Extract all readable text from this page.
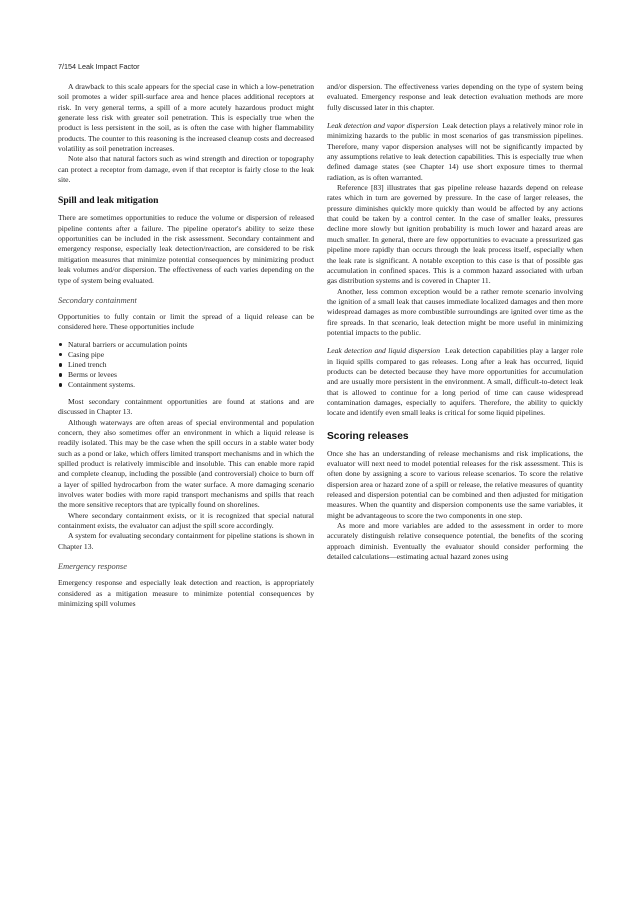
7/154 Leak Impact Factor

A drawback to this scale appears for the special case in which a low-penetration soil promotes a wider spill-surface area and hence places additional receptors at risk. In very general terms, a spill of a more acutely hazardous product might generate less risk with greater soil penetration. This is especially true when the product is less persistent in the soil, as is often the case with higher flammability products. The counter to this reasoning is the increased cleanup costs and decreased volatility as soil penetration increases.

Note also that natural factors such as wind strength and direction or topography can protect a receptor from damage, even if that receptor is fairly close to the leak site.

Spill and leak mitigation

There are sometimes opportunities to reduce the volume or dispersion of released pipeline contents after a failure. The pipeline operator's ability to seize these opportunities can be included in the risk assessment. Secondary containment and emergency response, especially leak detection/reaction, are considered to be risk mitigation measures that minimize potential consequences by minimizing product leak volumes and/or dispersion. The effectiveness of each varies depending on the type of system being evaluated.

Secondary containment

Opportunities to fully contain or limit the spread of a liquid release can be considered here. These opportunities include

Natural barriers or accumulation points
Casing pipe
Lined trench
Berms or levees
Containment systems.

Most secondary containment opportunities are found at stations and are discussed in Chapter 13.

Although waterways are often areas of special environmental and population concern, they also sometimes offer an environment in which a liquid release is readily isolated. This may be the case when the spill occurs in a stable water body such as a pond or lake, which offers limited transport mechanisms and in which the spilled product is relatively immiscible and insoluble. This can enable more rapid and complete cleanup, including the possible (and controversial) choice to burn off a layer of spilled hydrocarbon from the water surface. A more damaging scenario involves water bodies with more rapid transport mechanisms and spills that reach the more sensitive receptors that are typically found on shorelines.

Where secondary containment exists, or it is recognized that special natural containment exists, the evaluator can adjust the spill score accordingly.

A system for evaluating secondary containment for pipeline stations is shown in Chapter 13.

Emergency response

Emergency response and especially leak detection and reaction, is appropriately considered as a mitigation measure to minimize potential consequences by minimizing spill volumes

and/or dispersion. The effectiveness varies depending on the type of system being evaluated. Emergency response and leak detection evaluation methods are more fully discussed later in this chapter.

Leak detection and vapor dispersion Leak detection plays a relatively minor role in minimizing hazards to the public in most scenarios of gas transmission pipelines. Therefore, many vapor dispersion analyses will not be significantly impacted by any assumptions relative to leak detection capabilities. This is especially true when defined damage states (see Chapter 14) use short exposure times to thermal radiation, as is often warranted.

Reference [83] illustrates that gas pipeline release hazards depend on release rates which in turn are governed by pressure. In the case of larger releases, the pressure diminishes quickly more quickly than would be affected by any actions that could be taken by a control center. In the case of smaller leaks, pressures decline more slowly but ignition probability is much lower and hazard areas are much smaller. In general, there are few opportunities to evacuate a pressurized gas pipeline more rapidly than occurs through the leak process itself, especially when the leak rate is significant. A notable exception to this case is that of possible gas accumulation in confined spaces. This is a common hazard associated with urban gas distribution systems and is covered in Chapter 11.

Another, less common exception would be a rather remote scenario involving the ignition of a small leak that causes immediate localized damages and then more widespread damages as more combustible surroundings are ignited over time as the fire spreads. In that scenario, leak detection might be more useful in minimizing potential impacts to the public.

Leak detection and liquid dispersion Leak detection capabilities play a larger role in liquid spills compared to gas releases. Long after a leak has occurred, liquid products can be detected because they have more opportunities for accumulation and are usually more persistent in the environment. A small, difficult-to-detect leak that is allowed to continue for a long period of time can cause widespread contamination damages, especially to aquifers. Therefore, the ability to quickly locate and identify even small leaks is critical for some liquid pipelines.

Scoring releases

Once she has an understanding of release mechanisms and risk implications, the evaluator will next need to model potential releases for the risk assessment. This is often done by assigning a score to various release scenarios. To score the relative dispersion area or hazard zone of a spill or release, the relative measures of quantity released and dispersion potential can be combined and then adjusted for mitigation measures. When the quantity and dispersion components use the same variables, it might be advantageous to score the two components in one step.

As more and more variables are added to the assessment in order to more accurately distinguish relative consequence potential, the benefits of the scoring approach diminish. Eventually the evaluator should consider performing the detailed calculations—estimating actual hazard zones using
